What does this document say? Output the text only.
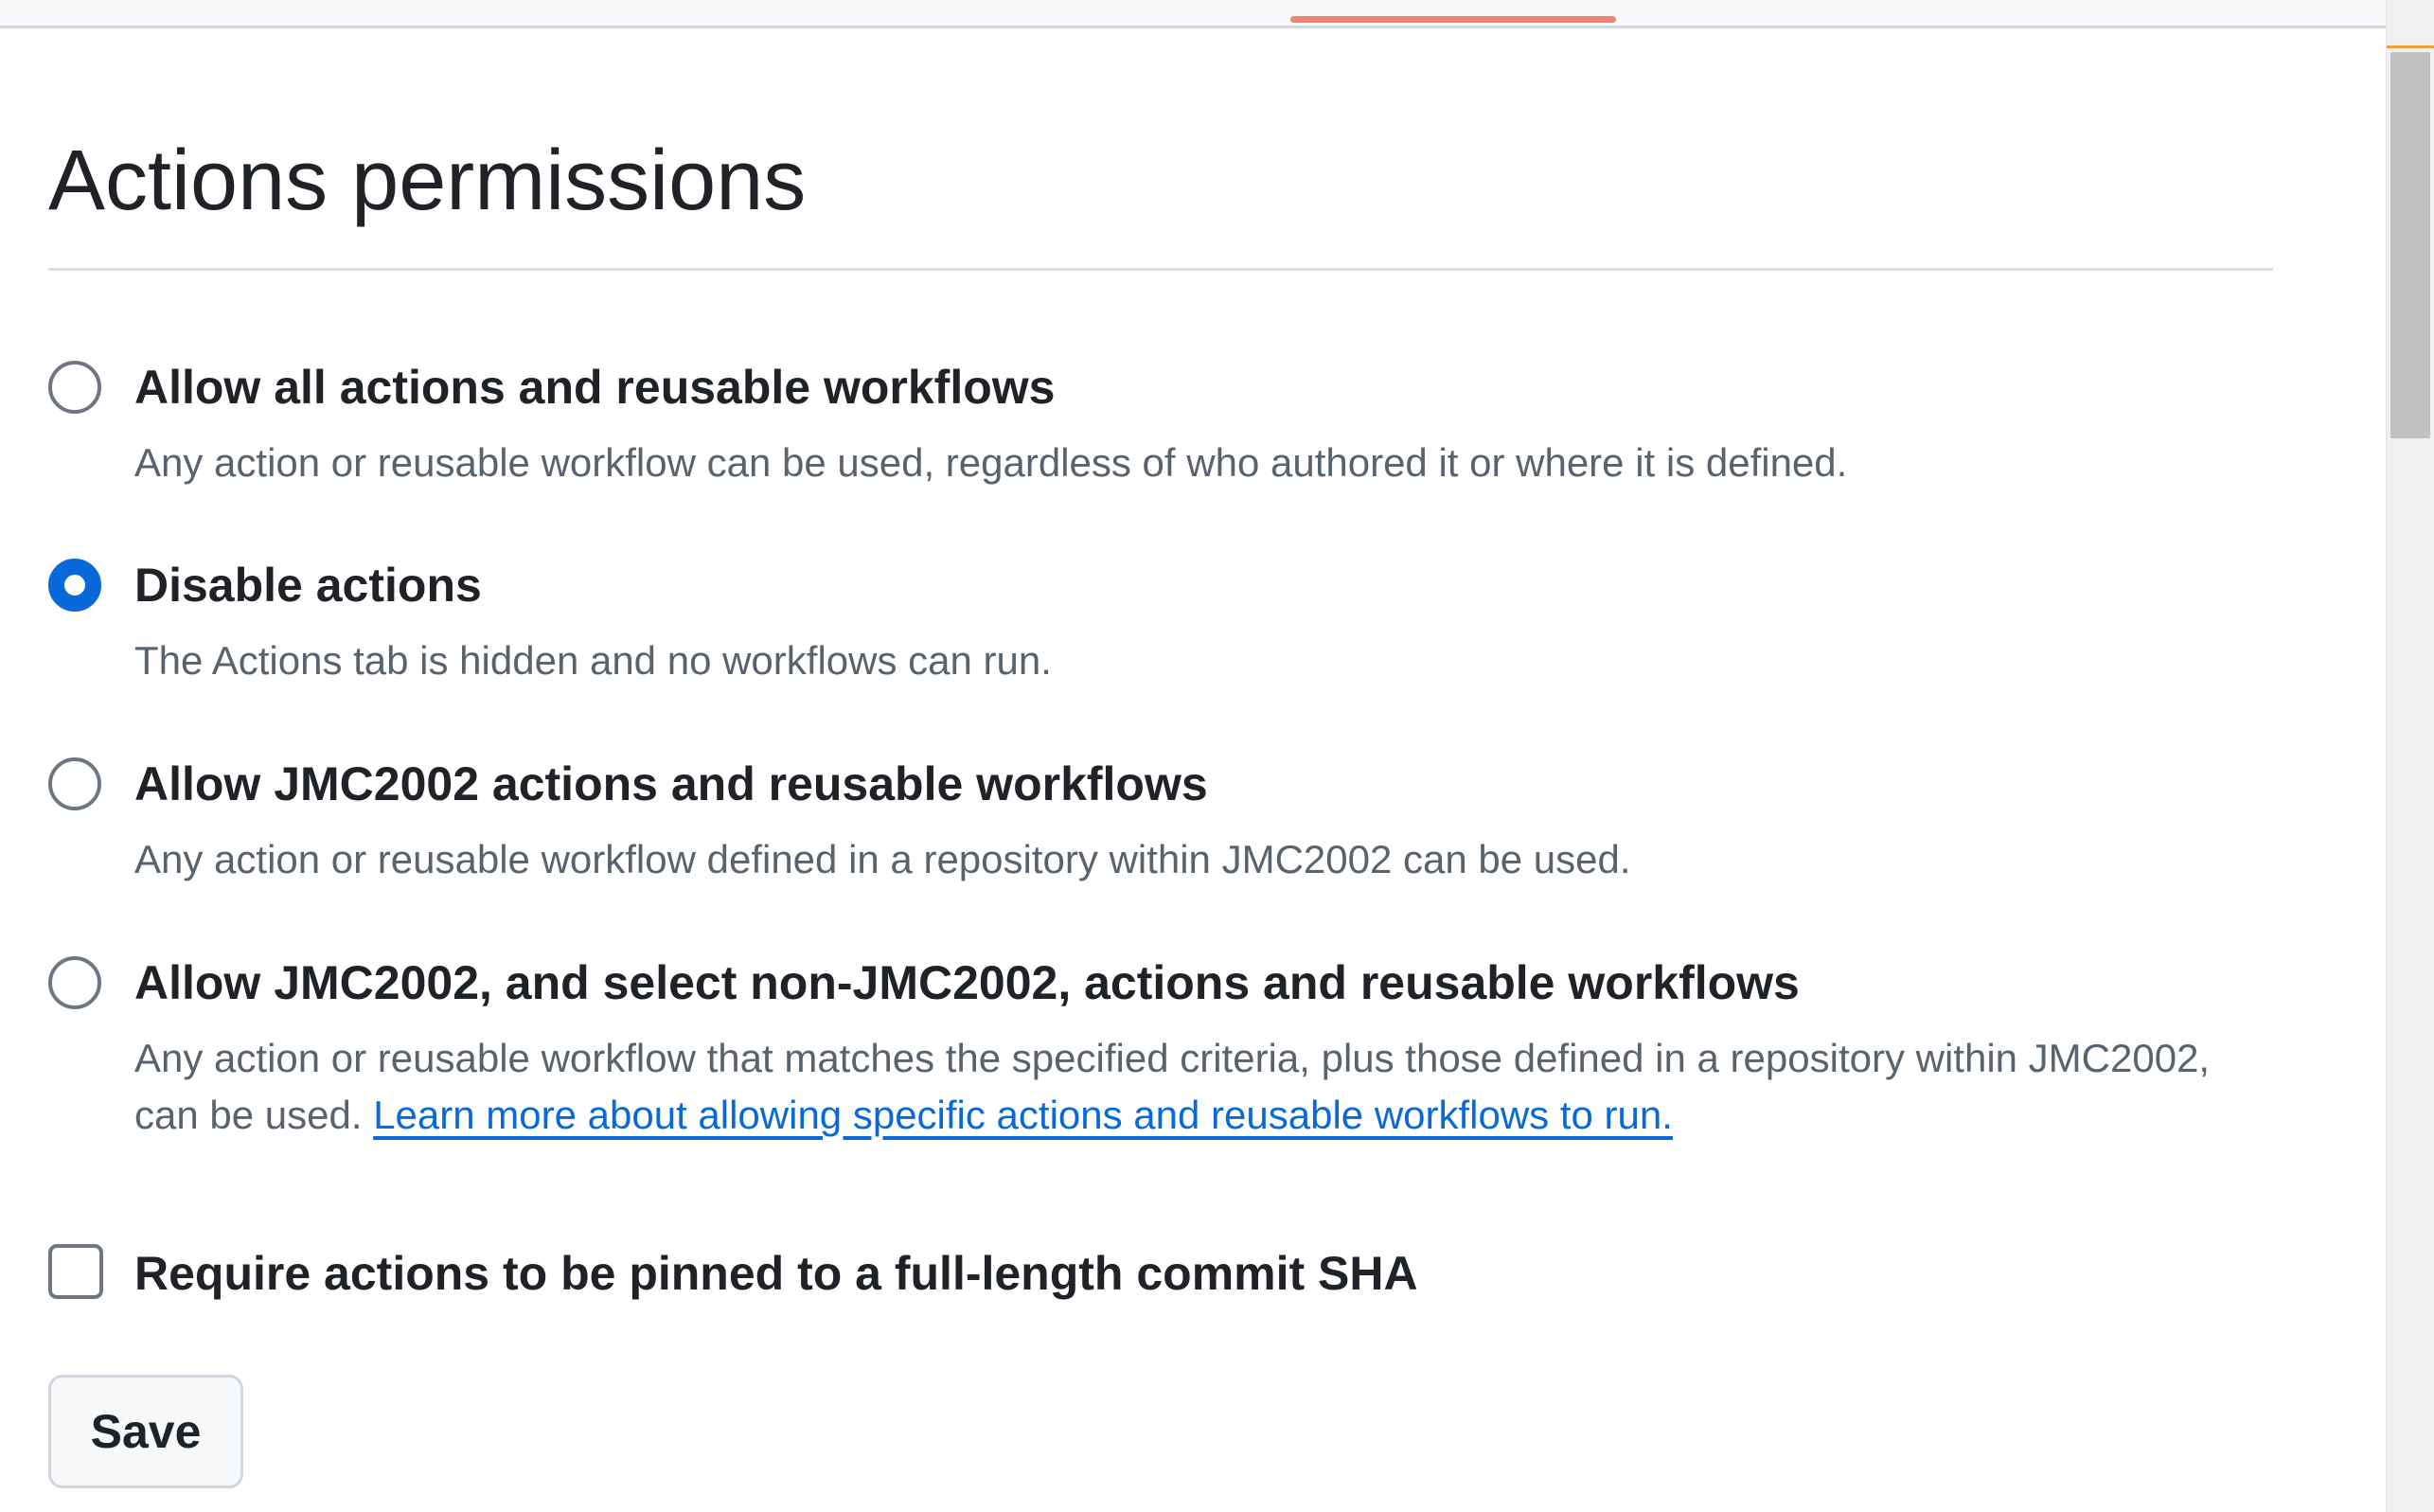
Actions permissions
Allow all actions and reusable workflows
Any action or reusable workflow can be used, regardless of who authored it or where it is defined.
Disable actions
The Actions tab is hidden and no workflows can run.
Allow JMC2002 actions and reusable workflows
Any action or reusable workflow defined in a repository within JMC2002 can be used.
Allow JMC2002, and select non-JMC2002, actions and reusable workflows
Any action or reusable workflow that matches the specified criteria, plus those defined in a repository within JMC2002, can be used. Learn more about allowing specific actions and reusable workflows to run.
Require actions to be pinned to a full-length commit SHA
Save
